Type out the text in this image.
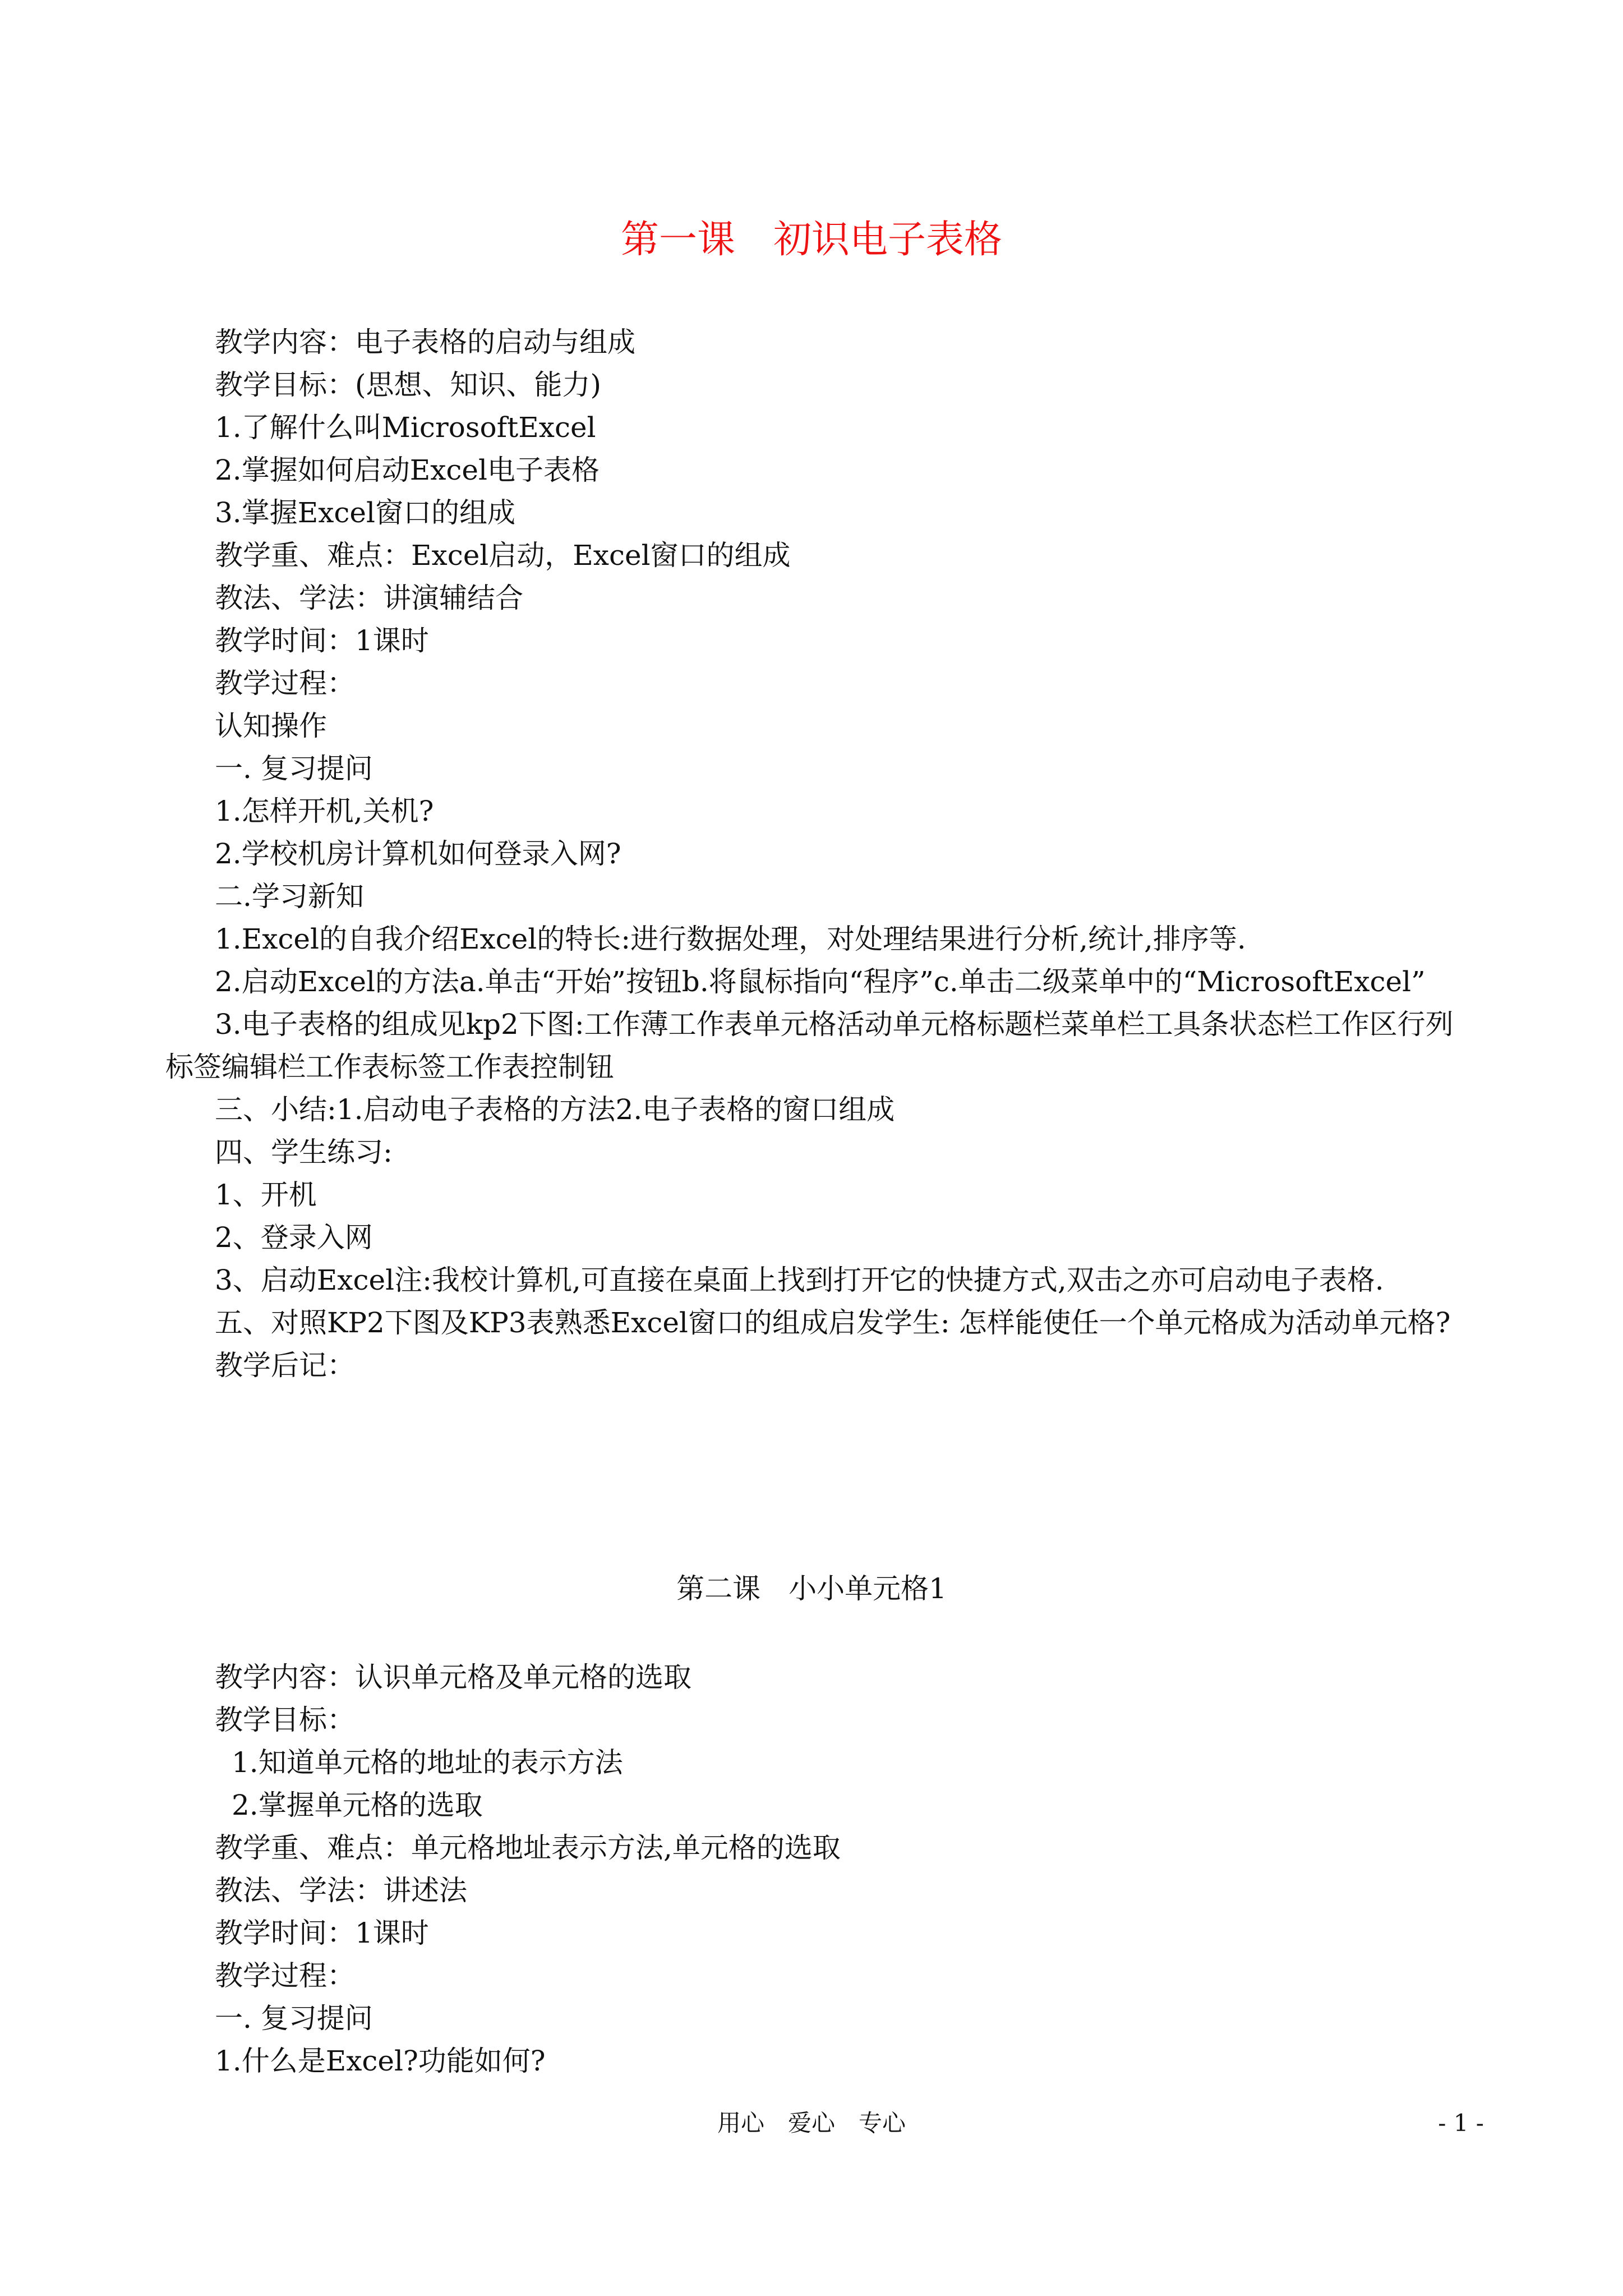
第一课　初识电子表格
教学内容：电子表格的启动与组成
教学目标：(思想、知识、能力)
1.了解什么叫MicrosoftExcel
2.掌握如何启动Excel电子表格
3.掌握Excel窗口的组成
教学重、难点：Excel启动，Excel窗口的组成
教法、学法：讲演辅结合
教学时间：1课时
教学过程：
认知操作
一. 复习提问
1.怎样开机,关机?
2.学校机房计算机如何登录入网?
二.学习新知
1.Excel的自我介绍Excel的特长:进行数据处理，对处理结果进行分析,统计,排序等.
2.启动Excel的方法a.单击“开始”按钮b.将鼠标指向“程序”c.单击二级菜单中的“MicrosoftExcel”
3.电子表格的组成见kp2下图:工作薄工作表单元格活动单元格标题栏菜单栏工具条状态栏工作区行列标签编辑栏工作表标签工作表控制钮
三、小结:1.启动电子表格的方法2.电子表格的窗口组成
四、学生练习:
1、开机
2、登录入网
3、启动Excel注:我校计算机,可直接在桌面上找到打开它的快捷方式,双击之亦可启动电子表格.
五、对照KP2下图及KP3表熟悉Excel窗口的组成启发学生: 怎样能使任一个单元格成为活动单元格?
教学后记：
第二课　小小单元格1
教学内容：认识单元格及单元格的选取
教学目标：
1.知道单元格的地址的表示方法
2.掌握单元格的选取
教学重、难点：单元格地址表示方法,单元格的选取
教法、学法：讲述法
教学时间：1课时
教学过程：
一. 复习提问
1.什么是Excel?功能如何?
用心　爱心　专心	- 1 -
